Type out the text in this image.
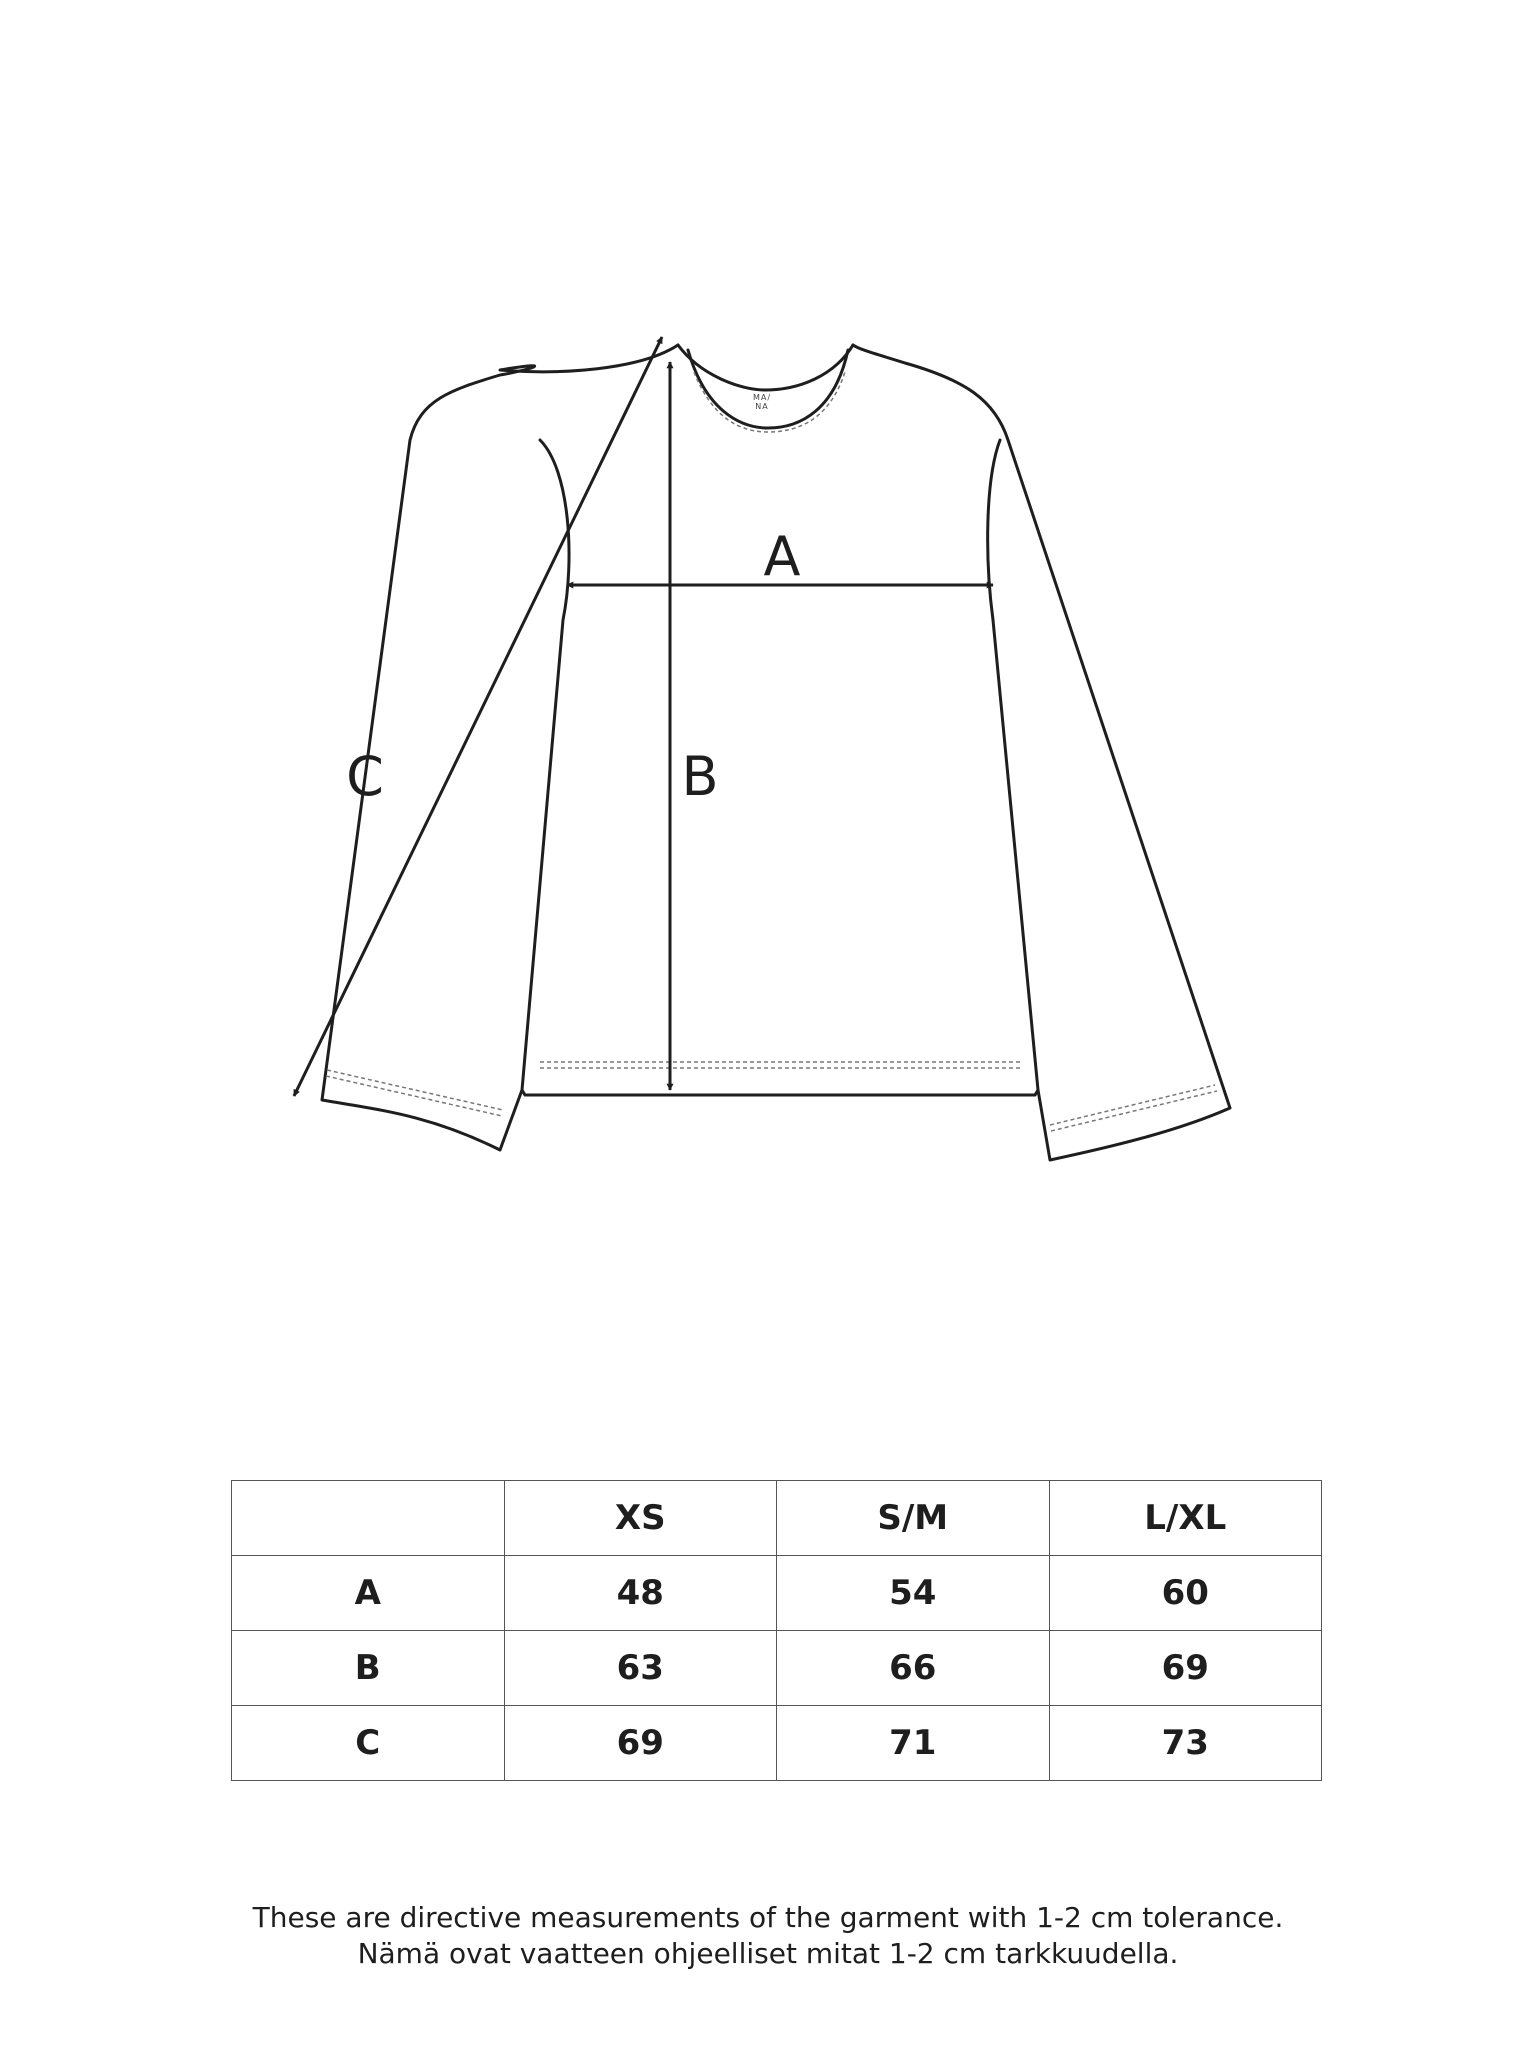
MA/
NA
A
B
C
	XS	S/M	L/XL
A	48	54	60
B	63	66	69
C	69	71	73
These are directive measurements of the garment with 1-2 cm tolerance.
Nämä ovat vaatteen ohjeelliset mitat 1-2 cm tarkkuudella.
